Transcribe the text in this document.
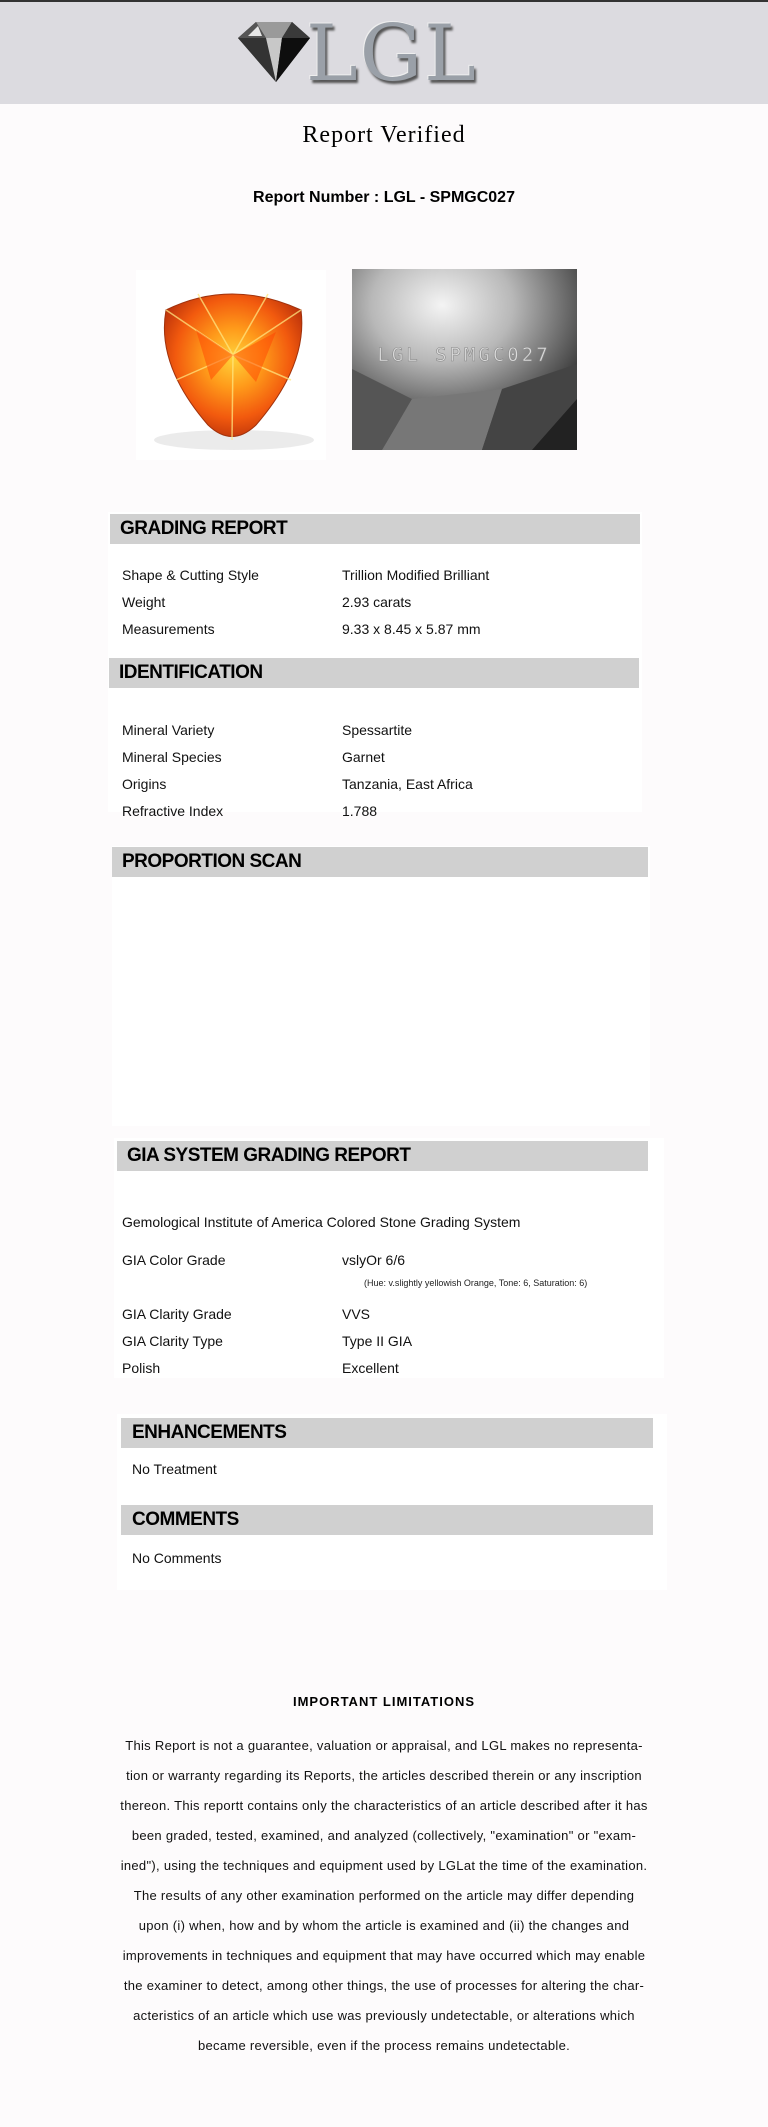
LGL
Report Verified
Report Number : LGL - SPMGC027
LGL SPMGC027
GRADING REPORT
Shape & Cutting Style	Trillion Modified Brilliant
Weight	2.93 carats
Measurements	9.33 x 8.45 x 5.87 mm
IDENTIFICATION
Mineral Variety	Spessartite
Mineral Species	Garnet
Origins	Tanzania, East Africa
Refractive Index	1.788
PROPORTION SCAN
GIA SYSTEM GRADING REPORT
Gemological Institute of America Colored Stone Grading System
GIA Color Grade	vslyOr 6/6
(Hue: v.slightly yellowish Orange, Tone: 6, Saturation: 6)
GIA Clarity Grade	VVS
GIA Clarity Type	Type II GIA
Polish	Excellent
ENHANCEMENTS
No Treatment
COMMENTS
No Comments
IMPORTANT LIMITATIONS
This Report is not a guarantee, valuation or appraisal, and LGL makes no representa-
tion or warranty regarding its Reports, the articles described therein or any inscription
thereon. This reportt contains only the characteristics of an article described after it has
been graded, tested, examined, and analyzed (collectively, "examination" or "exam-
ined"), using the techniques and equipment used by LGLat the time of the examination.
The results of any other examination performed on the article may differ depending
upon (i) when, how and by whom the article is examined and (ii) the changes and
improvements in techniques and equipment that may have occurred which may enable
the examiner to detect, among other things, the use of processes for altering the char-
acteristics of an article which use was previously undetectable, or alterations which
became reversible, even if the process remains undetectable.
